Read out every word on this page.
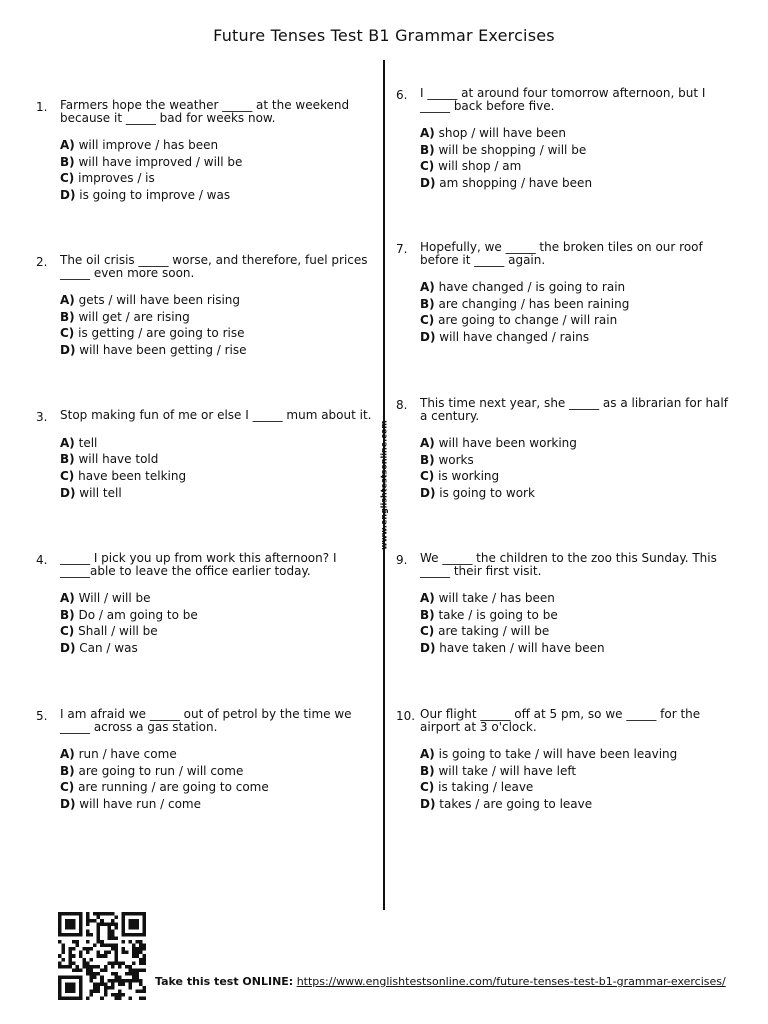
Future Tenses Test B1 Grammar Exercises
www.englishtestsonline.com
1. Farmers hope the weather _____ at the weekend because it _____ bad for weeks now.
A) will improve / has been
B) will have improved / will be
C) improves / is
D) is going to improve / was
2. The oil crisis _____ worse, and therefore, fuel prices _____ even more soon.
A) gets / will have been rising
B) will get / are rising
C) is getting / are going to rise
D) will have been getting / rise
3. Stop making fun of me or else I _____ mum about it.
A) tell
B) will have told
C) have been telking
D) will tell
4. _____ I pick you up from work this afternoon? I _____able to leave the office earlier today.
A) Will / will be
B) Do / am going to be
C) Shall / will be
D) Can / was
5. I am afraid we _____ out of petrol by the time we _____ across a gas station.
A) run / have come
B) are going to run / will come
C) are running / are going to come
D) will have run / come
6. I _____ at around four tomorrow afternoon, but I _____ back before five.
A) shop / will have been
B) will be shopping / will be
C) will shop / am
D) am shopping / have been
7. Hopefully, we _____ the broken tiles on our roof before it _____ again.
A) have changed / is going to rain
B) are changing / has been raining
C) are going to change / will rain
D) will have changed / rains
8. This time next year, she _____ as a librarian for half a century.
A) will have been working
B) works
C) is working
D) is going to work
9. We _____ the children to the zoo this Sunday. This _____ their first visit.
A) will take / has been
B) take / is going to be
C) are taking / will be
D) have taken / will have been
10. Our flight _____ off at 5 pm, so we _____ for the airport at 3 o'clock.
A) is going to take / will have been leaving
B) will take / will have left
C) is taking / leave
D) takes / are going to leave
Take this test ONLINE: https://www.englishtestsonline.com/future-tenses-test-b1-grammar-exercises/
